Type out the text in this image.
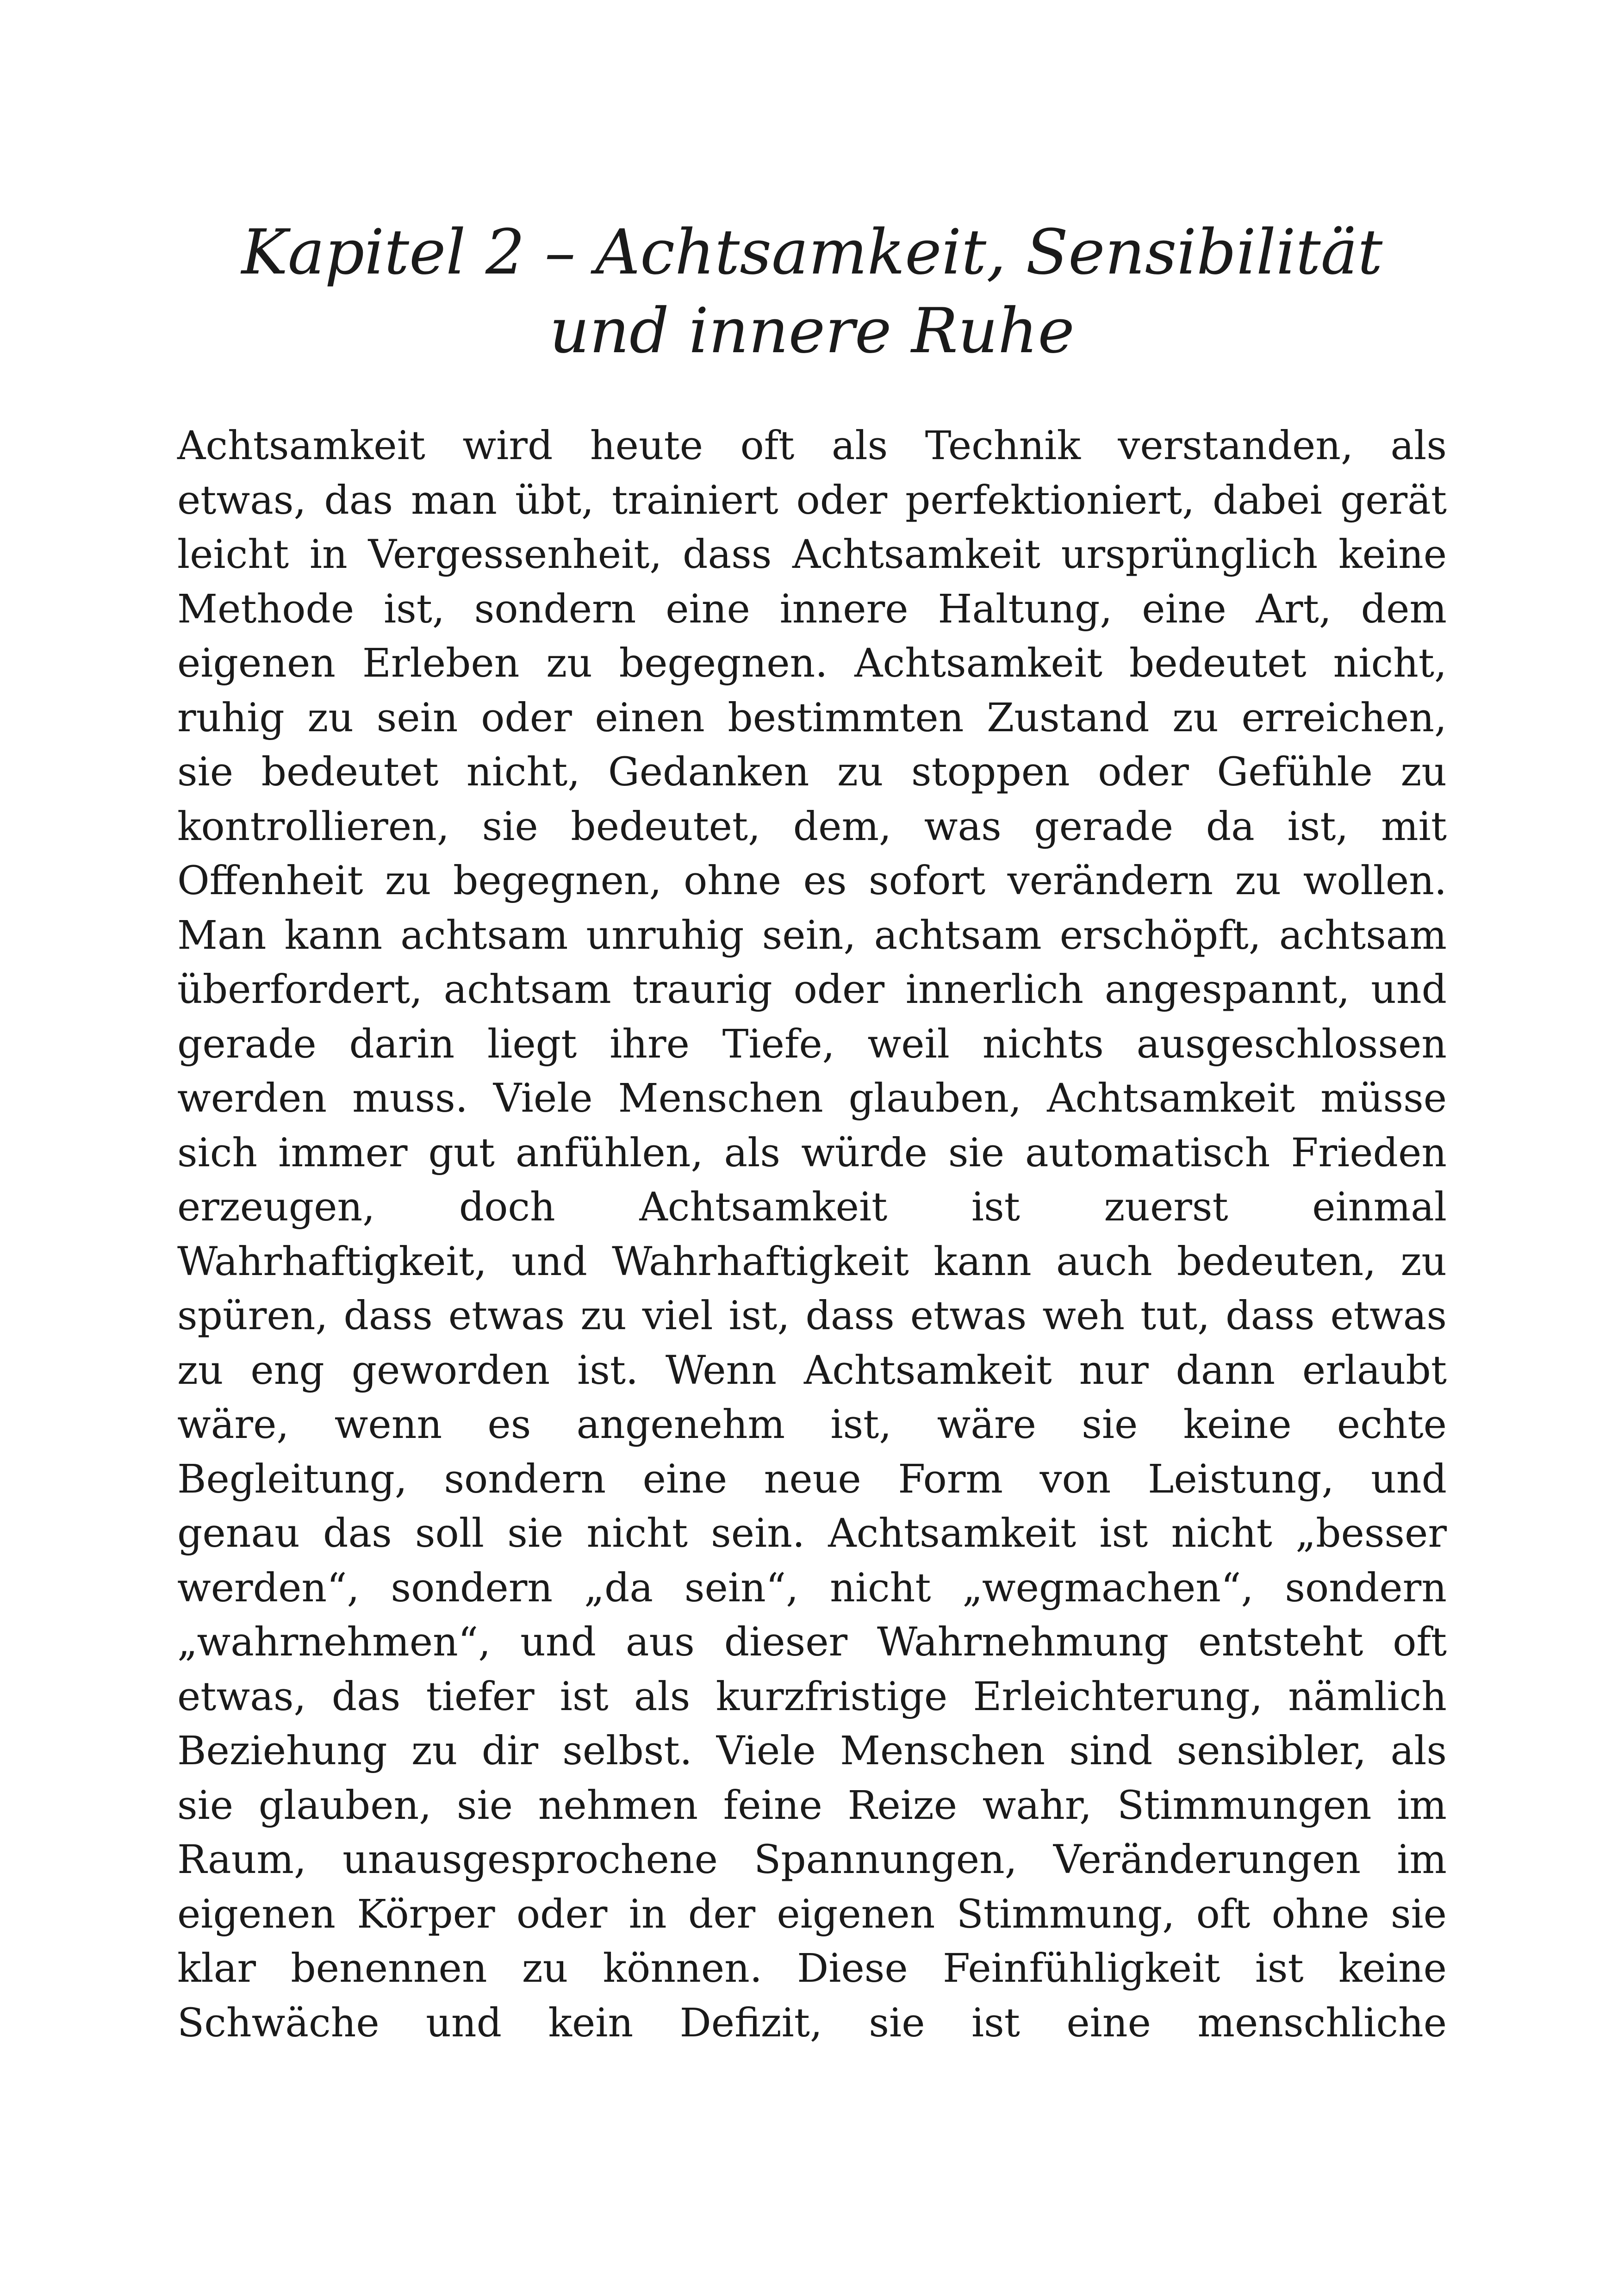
Kapitel 2 – Achtsamkeit, Sensibilität
und innere Ruhe
Achtsamkeit wird heute oft als Technik verstanden, als
etwas, das man übt, trainiert oder perfektioniert, dabei gerät
leicht in Vergessenheit, dass Achtsamkeit ursprünglich keine
Methode ist, sondern eine innere Haltung, eine Art, dem
eigenen Erleben zu begegnen. Achtsamkeit bedeutet nicht,
ruhig zu sein oder einen bestimmten Zustand zu erreichen,
sie bedeutet nicht, Gedanken zu stoppen oder Gefühle zu
kontrollieren, sie bedeutet, dem, was gerade da ist, mit
Offenheit zu begegnen, ohne es sofort verändern zu wollen.
Man kann achtsam unruhig sein, achtsam erschöpft, achtsam
überfordert, achtsam traurig oder innerlich angespannt, und
gerade darin liegt ihre Tiefe, weil nichts ausgeschlossen
werden muss. Viele Menschen glauben, Achtsamkeit müsse
sich immer gut anfühlen, als würde sie automatisch Frieden
erzeugen, doch Achtsamkeit ist zuerst einmal
Wahrhaftigkeit, und Wahrhaftigkeit kann auch bedeuten, zu
spüren, dass etwas zu viel ist, dass etwas weh tut, dass etwas
zu eng geworden ist. Wenn Achtsamkeit nur dann erlaubt
wäre, wenn es angenehm ist, wäre sie keine echte
Begleitung, sondern eine neue Form von Leistung, und
genau das soll sie nicht sein. Achtsamkeit ist nicht „besser
werden“, sondern „da sein“, nicht „wegmachen“, sondern
„wahrnehmen“, und aus dieser Wahrnehmung entsteht oft
etwas, das tiefer ist als kurzfristige Erleichterung, nämlich
Beziehung zu dir selbst. Viele Menschen sind sensibler, als
sie glauben, sie nehmen feine Reize wahr, Stimmungen im
Raum, unausgesprochene Spannungen, Veränderungen im
eigenen Körper oder in der eigenen Stimmung, oft ohne sie
klar benennen zu können. Diese Feinfühligkeit ist keine
Schwäche und kein Defizit, sie ist eine menschliche
